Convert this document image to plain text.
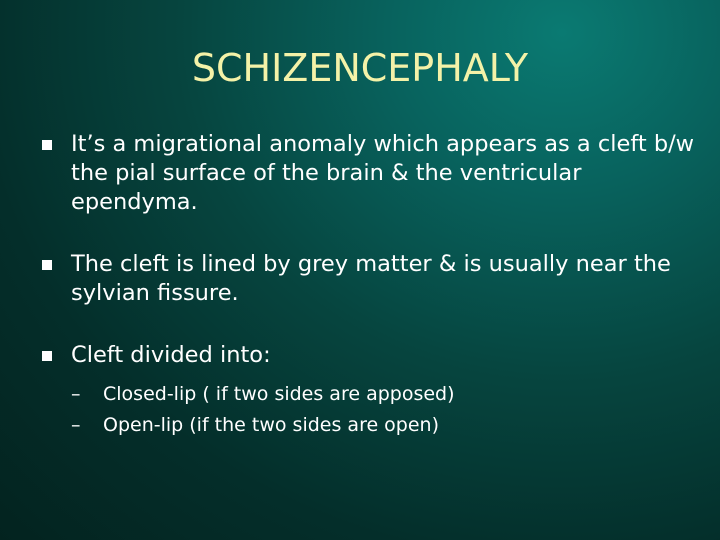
SCHIZENCEPHALY
It’s a migrational anomaly which appears as a cleft b/w the pial surface of the brain & the ventricular ependyma.
The cleft is lined by grey matter & is usually near the sylvian fissure.
Cleft divided into:
– Closed-lip ( if two sides are apposed)
– Open-lip (if the two sides are open)
